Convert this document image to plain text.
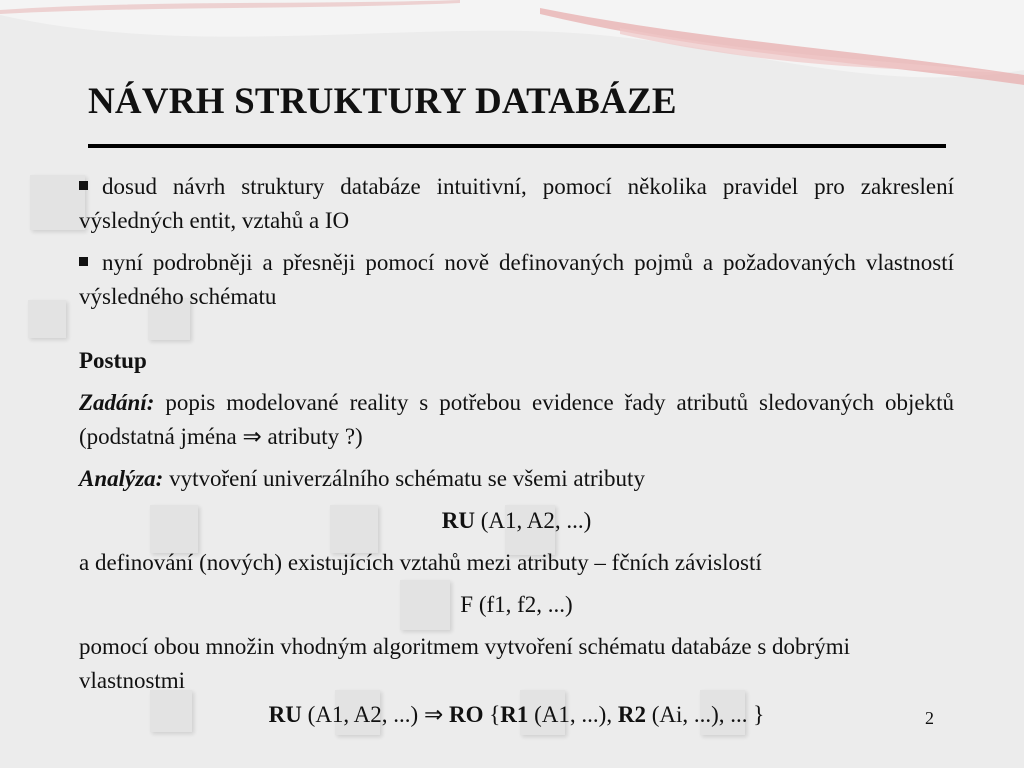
NÁVRH STRUKTURY DATABÁZE

dosud návrh struktury databáze intuitivní, pomocí několika pravidel pro zakreslení výsledných entit, vztahů a IO

nyní podrobněji a přesněji pomocí nově definovaných pojmů a požadovaných vlastností výsledného schématu

Postup

Zadání: popis modelované reality s potřebou evidence řady atributů sledovaných objektů (podstatná jména ⇒ atributy ?)

Analýza: vytvoření univerzálního schématu se všemi atributy

RU (A1, A2, ...)

a definování (nových) existujících vztahů mezi atributy – fčních závislostí

F (f1, f2, ...)

pomocí obou množin vhodným algoritmem vytvoření schématu databáze s dobrými vlastnostmi

RU (A1, A2, ...) ⇒ RO {R1 (A1, ...), R2 (Ai, ...), ... }	2
